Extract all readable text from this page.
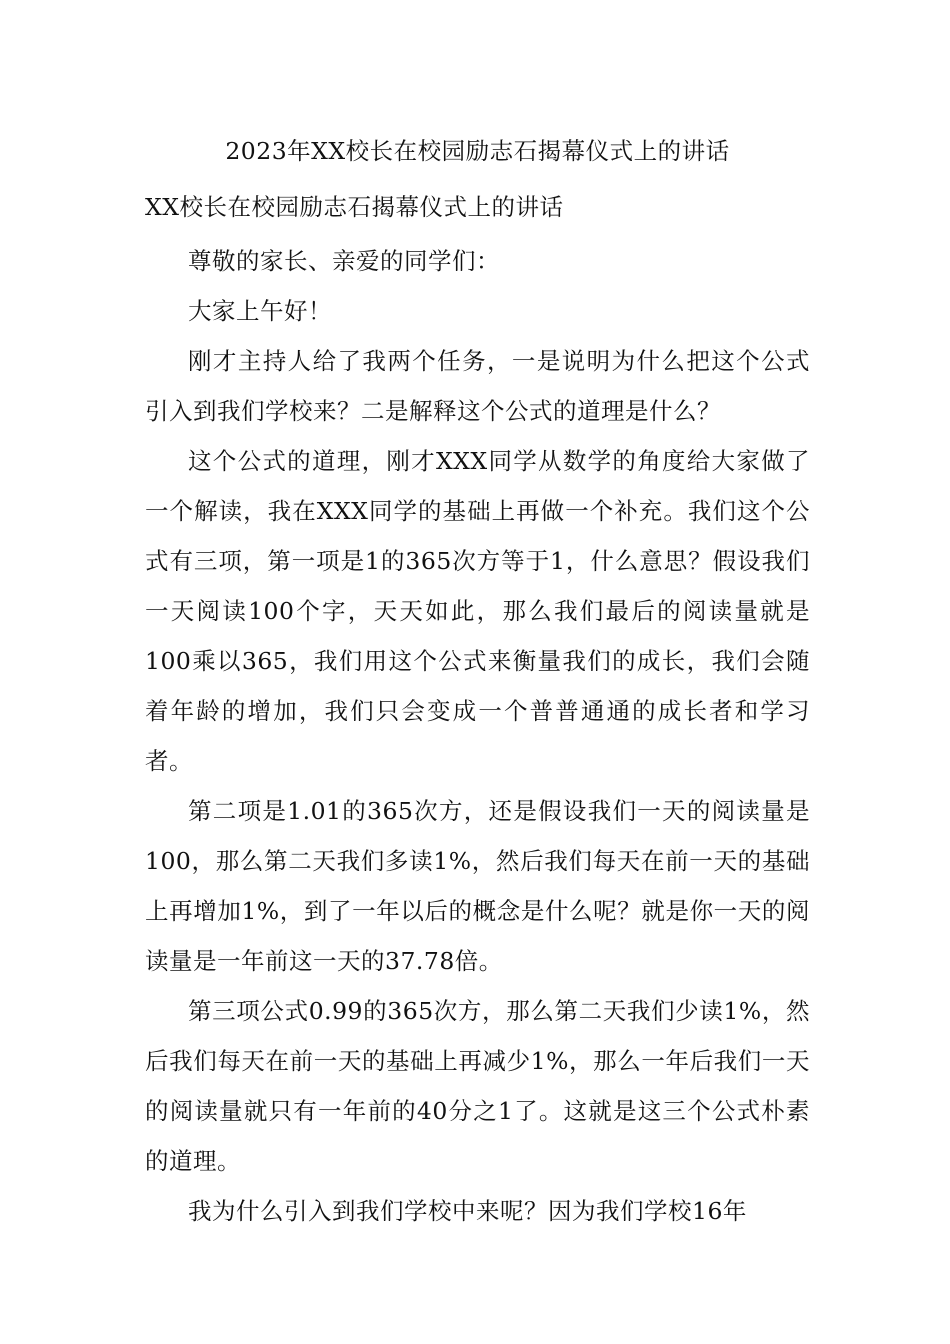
2023年XX校长在校园励志石揭幕仪式上的讲话
XX校长在校园励志石揭幕仪式上的讲话

尊敬的家长、亲爱的同学们：

大家上午好！

刚才主持人给了我两个任务，一是说明为什么把这个公式引入到我们学校来？二是解释这个公式的道理是什么？

这个公式的道理，刚才XXX同学从数学的角度给大家做了一个解读，我在XXX同学的基础上再做一个补充。我们这个公式有三项，第一项是1的365次方等于1，什么意思？假设我们一天阅读100个字，天天如此，那么我们最后的阅读量就是100乘以365，我们用这个公式来衡量我们的成长，我们会随着年龄的增加，我们只会变成一个普普通通的成长者和学习者。

第二项是1.01的365次方，还是假设我们一天的阅读量是100，那么第二天我们多读1%，然后我们每天在前一天的基础上再增加1%，到了一年以后的概念是什么呢？就是你一天的阅读量是一年前这一天的37.78倍。

第三项公式0.99的365次方，那么第二天我们少读1%，然后我们每天在前一天的基础上再减少1%，那么一年后我们一天的阅读量就只有一年前的40分之1了。这就是这三个公式朴素的道理。

我为什么引入到我们学校中来呢？因为我们学校16年
